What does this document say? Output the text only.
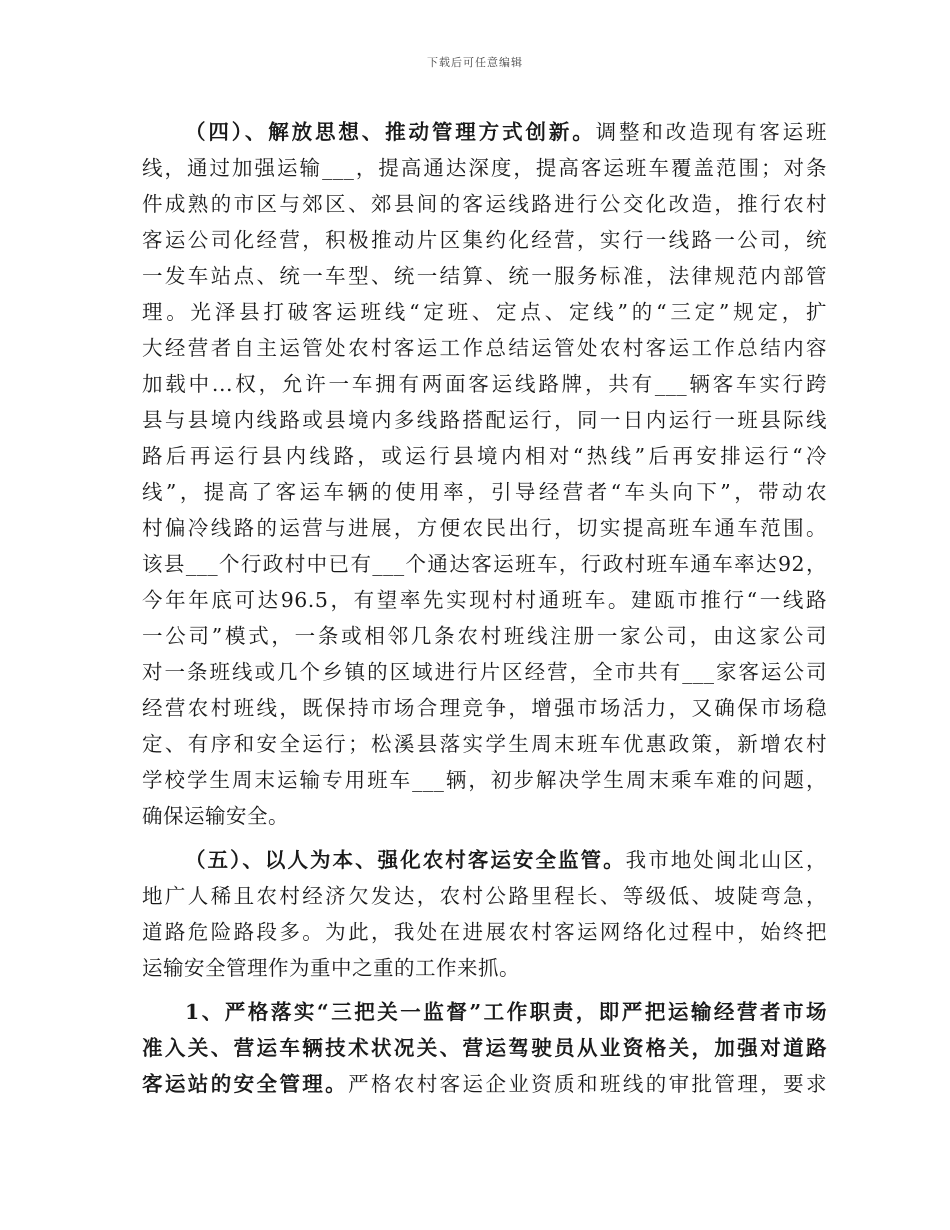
下载后可任意编辑
（四）、解放思想、推动管理方式创新。调整和改造现有客运班
线，通过加强运输___，提高通达深度，提高客运班车覆盖范围；对条
件成熟的市区与郊区、郊县间的客运线路进行公交化改造，推行农村
客运公司化经营，积极推动片区集约化经营，实行一线路一公司，统
一发车站点、统一车型、统一结算、统一服务标准，法律规范内部管
理。光泽县打破客运班线“定班、定点、定线”的“三定”规定，扩
大经营者自主运管处农村客运工作总结运管处农村客运工作总结内容
加载中...权，允许一车拥有两面客运线路牌，共有___辆客车实行跨
县与县境内线路或县境内多线路搭配运行，同一日内运行一班县际线
路后再运行县内线路，或运行县境内相对“热线”后再安排运行“冷
线”，提高了客运车辆的使用率，引导经营者“车头向下”，带动农
村偏冷线路的运营与进展，方便农民出行，切实提高班车通车范围。
该县___个行政村中已有___个通达客运班车，行政村班车通车率达92，
今年年底可达96.5，有望率先实现村村通班车。建瓯市推行“一线路
一公司”模式，一条或相邻几条农村班线注册一家公司，由这家公司
对一条班线或几个乡镇的区域进行片区经营，全市共有___家客运公司
经营农村班线，既保持市场合理竞争，增强市场活力，又确保市场稳
定、有序和安全运行；松溪县落实学生周末班车优惠政策，新增农村
学校学生周末运输专用班车___辆，初步解决学生周末乘车难的问题，
确保运输安全。
（五）、以人为本、强化农村客运安全监管。我市地处闽北山区，
地广人稀且农村经济欠发达，农村公路里程长、等级低、坡陡弯急，
道路危险路段多。为此，我处在进展农村客运网络化过程中，始终把
运输安全管理作为重中之重的工作来抓。
1、严格落实“三把关一监督”工作职责，即严把运输经营者市场
准入关、营运车辆技术状况关、营运驾驶员从业资格关，加强对道路
客运站的安全管理。严格农村客运企业资质和班线的审批管理，要求
